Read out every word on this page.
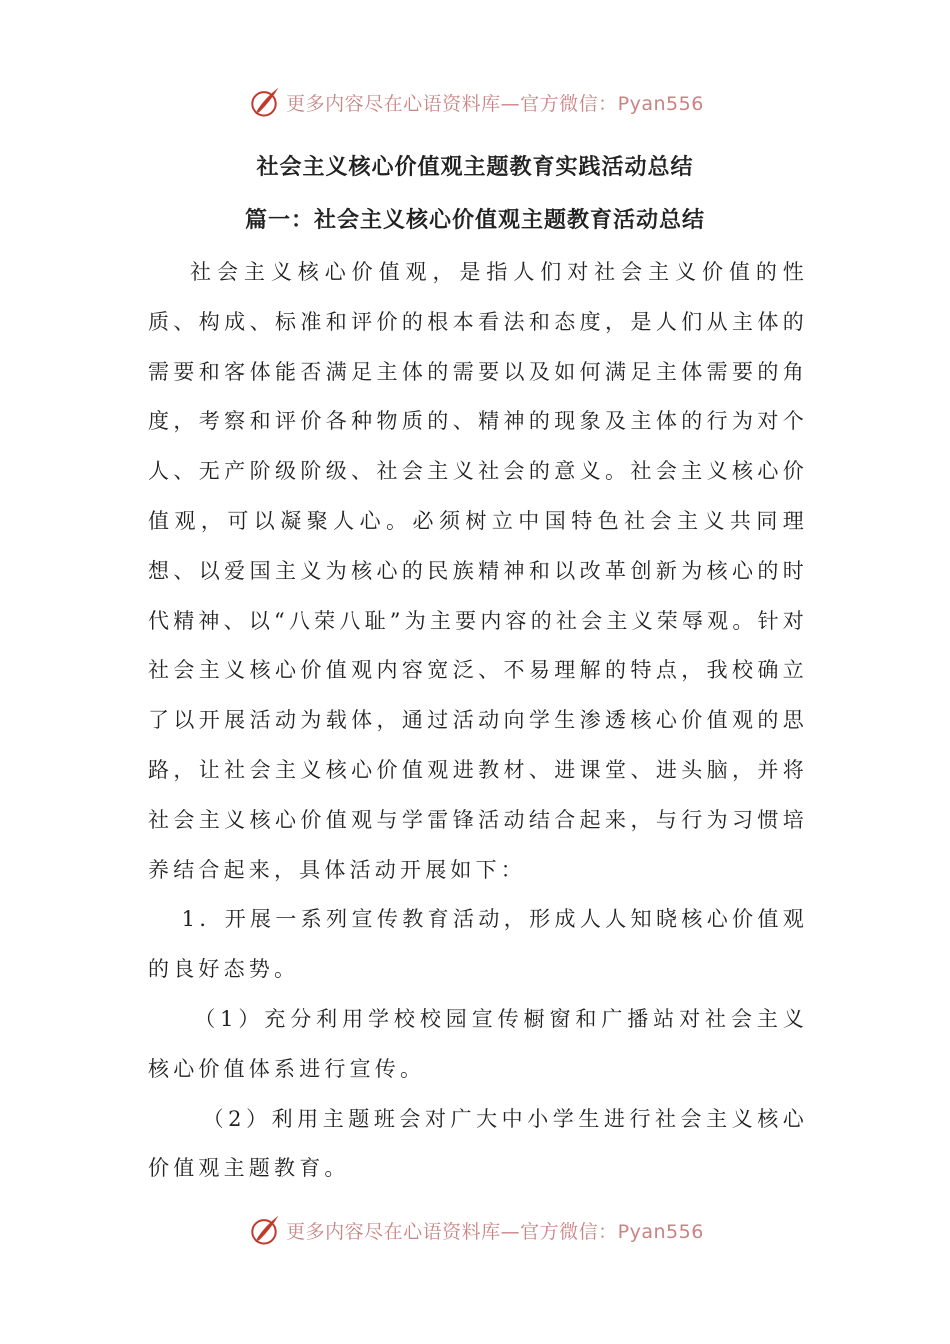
更多内容尽在心语资料库—官方微信：Pyan556
社会主义核心价值观主题教育实践活动总结
篇一：社会主义核心价值观主题教育活动总结

社会主义核心价值观，是指人们对社会主义价值的性质、构成、标准和评价的根本看法和态度，是人们从主体的需要和客体能否满足主体的需要以及如何满足主体需要的角度，考察和评价各种物质的、精神的现象及主体的行为对个人、无产阶级阶级、社会主义社会的意义。社会主义核心价值观，可以凝聚人心。必须树立中国特色社会主义共同理想、以爱国主义为核心的民族精神和以改革创新为核心的时代精神、以“八荣八耻”为主要内容的社会主义荣辱观。针对社会主义核心价值观内容宽泛、不易理解的特点，我校确立了以开展活动为载体，通过活动向学生渗透核心价值观的思路，让社会主义核心价值观进教材、进课堂、进头脑，并将社会主义核心价值观与学雷锋活动结合起来，与行为习惯培养结合起来，具体活动开展如下：

1．开展一系列宣传教育活动，形成人人知晓核心价值观的良好态势。

（1）充分利用学校校园宣传橱窗和广播站对社会主义核心价值体系进行宣传。

（2）利用主题班会对广大中小学生进行社会主义核心价值观主题教育。

更多内容尽在心语资料库—官方微信：Pyan556
